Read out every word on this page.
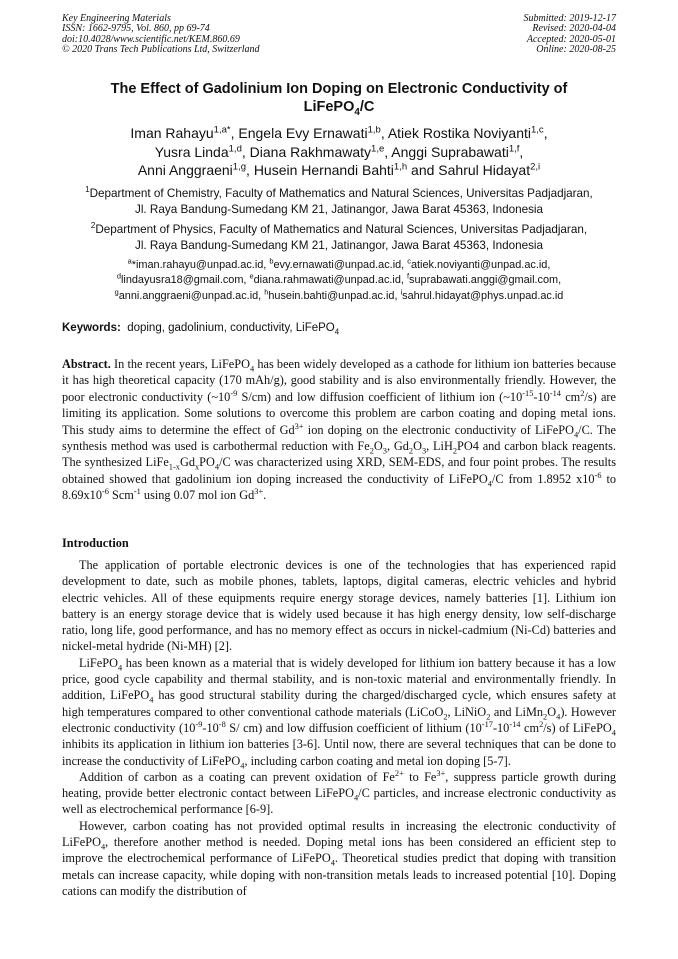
Key Engineering Materials
ISSN: 1662-9795, Vol. 860, pp 69-74
doi:10.4028/www.scientific.net/KEM.860.69
© 2020 Trans Tech Publications Ltd, Switzerland
Submitted: 2019-12-17
Revised: 2020-04-04
Accepted: 2020-05-01
Online: 2020-08-25
The Effect of Gadolinium Ion Doping on Electronic Conductivity of
LiFePO$_4$/C
Iman Rahayu$^{1,a*}$, Engela Evy Ernawati$^{1,b}$, Atiek Rostika Noviyanti$^{1,c}$,
Yusra Linda$^{1,d}$, Diana Rakhmawaty$^{1,e}$, Anggi Suprabawati$^{1,f}$,
Anni Anggraeni$^{1,g}$, Husein Hernandi Bahti$^{1,h}$ and Sahrul Hidayat$^{2,i}$
$^1$Department of Chemistry, Faculty of Mathematics and Natural Sciences, Universitas Padjadjaran,
Jl. Raya Bandung-Sumedang KM 21, Jatinangor, Jawa Barat 45363, Indonesia
$^2$Department of Physics, Faculty of Mathematics and Natural Sciences, Universitas Padjadjaran,
Jl. Raya Bandung-Sumedang KM 21, Jatinangor, Jawa Barat 45363, Indonesia
$^a$*iman.rahayu@unpad.ac.id, $^b$evy.ernawati@unpad.ac.id, $^c$atiek.noviyanti@unpad.ac.id,
$^d$lindayusra18@gmail.com, $^e$diana.rahmawati@unpad.ac.id, $^f$suprabawati.anggi@gmail.com,
$^g$anni.anggraeni@unpad.ac.id, $^h$husein.bahti@unpad.ac.id, $^i$sahrul.hidayat@phys.unpad.ac.id
Keywords: doping, gadolinium, conductivity, LiFePO$_4$
Abstract. In the recent years, LiFePO$_4$ has been widely developed as a cathode for lithium ion batteries because it has high theoretical capacity (170 mAh/g), good stability and is also environmentally friendly. However, the poor electronic conductivity ($\sim 10^{-9}$ S/cm) and low diffusion coefficient of lithium ion ($\sim 10^{-15}-10^{-14}$ $cm^2/s$) are limiting its application. Some solutions to overcome this problem are carbon coating and doping metal ions. This study aims to determine the effect of $Gd^{3+}$ ion doping on the electronic conductivity of LiFePO$_4$/C. The synthesis method was used is carbothermal reduction with $Fe_2O_3$, $Gd_2O_3$, LiH$_2$PO4 and carbon black reagents. The synthesized $LiFe_{1-x}Gd_xPO_4/C$ was characterized using XRD, SEM-EDS, and four point probes. The results obtained showed that gadolinium ion doping increased the conductivity of LiFePO$_4$/C from 1.8952 $x10^{-6}$ to $8.69x10^{-6}$ Scm$^{-1}$ using 0.07 mol ion $Gd^{3+}$.
Introduction

The application of portable electronic devices is one of the technologies that has experienced rapid development to date, such as mobile phones, tablets, laptops, digital cameras, electric vehicles and hybrid electric vehicles. All of these equipments require energy storage devices, namely batteries [1]. Lithium ion battery is an energy storage device that is widely used because it has high energy density, low self-discharge ratio, long life, good performance, and has no memory effect as occurs in nickel-cadmium (Ni-Cd) batteries and nickel-metal hydride (Ni-MH) [2].

LiFePO$_4$ has been known as a material that is widely developed for lithium ion battery because it has a low price, good cycle capability and thermal stability, and is non-toxic material and environmentally friendly. In addition, LiFePO$_4$ has good structural stability during the charged/discharged cycle, which ensures safety at high temperatures compared to other conventional cathode materials (LiCoO$_2$, LiNiO$_2$ and $LiMn_2O_4$). However electronic conductivity ($10^{-9}-10^{-8}$ S/ cm) and low diffusion coefficient of lithium ($10^{-17}-10^{-14}$ $cm^2/s$) of LiFePO$_4$ inhibits its application in lithium ion batteries [3-6]. Until now, there are several techniques that can be done to increase the conductivity of LiFePO$_4$, including carbon coating and metal ion doping [5-7].

Addition of carbon as a coating can prevent oxidation of $Fe^{2+}$ to $Fe^{3+}$, suppress particle growth during heating, provide better electronic contact between LiFePO$_4$/C particles, and increase electronic conductivity as well as electrochemical performance [6-9].

However, carbon coating has not provided optimal results in increasing the electronic conductivity of LiFePO$_4$, therefore another method is needed. Doping metal ions has been considered an efficient step to improve the electrochemical performance of LiFePO$_4$. Theoretical studies predict that doping with transition metals can increase capacity, while doping with non-transition metals leads to increased potential [10]. Doping cations can modify the distribution of
